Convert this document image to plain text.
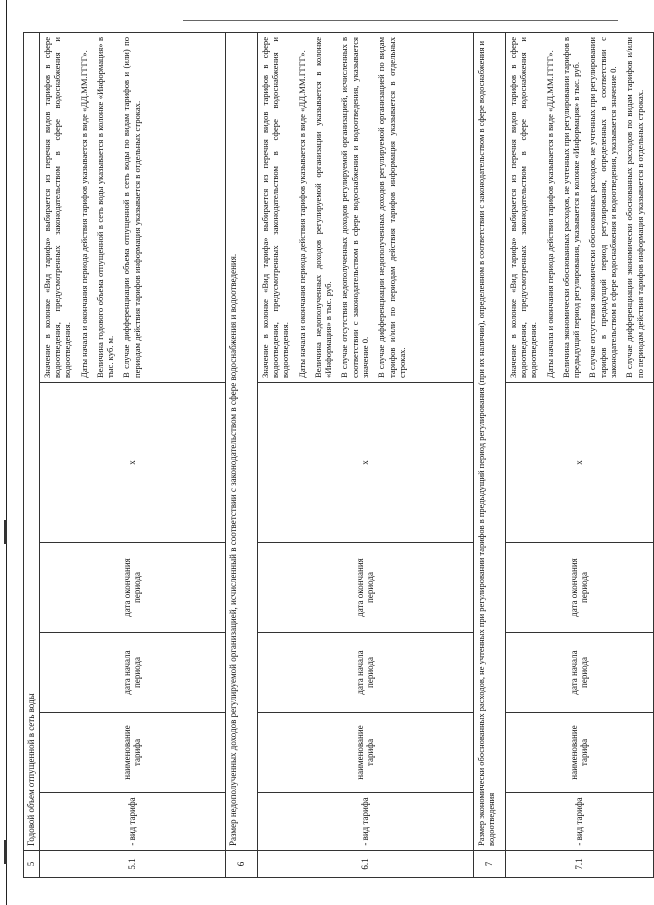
5	Годовой объем отпущенной в сеть воды					
5.1	- вид тарифа	наименование тарифа	дата начала периода	дата окончания периода	x	Значение в колонке «Вид тарифа» выбирается из перечня видов тарифов в сфере водоотведения, предусмотренных законодательством в сфере водоснабжения и водоотведения. Даты начала и окончания периода действия тарифов указывается в виде «ДД.ММ.ГГГГ». Величина годового объема отпущенной в сеть воды указывается в колонке «Информация» в тыс. куб. м. В случае дифференциации объема отпущенной в сеть воды по видам тарифов и (или) по периодам действия тарифов информация указывается в отдельных строках.

6	Размер недополученных доходов регулируемой организацией, исчисленный в соответствии с законодательством в сфере водоснабжения и водоотведения.					
6.1	- вид тарифа	наименование тарифа	дата начала периода	дата окончания периода	x	Значение в колонке «Вид тарифа» выбирается из перечня видов тарифов в сфере водоотведения, предусмотренных законодательством в сфере водоснабжения и водоотведения. Даты начала и окончания периода действия тарифов указывается в виде «ДД.ММ.ГГГГ». Величина недополученных доходов регулируемой организации указывается в колонке «Информация» в тыс. руб. В случае отсутствия недополученных доходов регулируемой организацией, исчисленных в соответствии с законодательством в сфере водоснабжения и водоотведения, указывается значение 0. В случае дифференциации недополученных доходов регулируемой организацией по видам тарифов и/или по периодам действия тарифов информация указывается в отдельных строках.

7	Размер экономически обоснованных расходов, не учтенных при регулировании тарифов в предыдущий период регулирования (при их наличии), определенном в соответствии с законодательством в сфере водоснабжения и водоотведения					
7.1	- вид тарифа	наименование тарифа	дата начала периода	дата окончания периода	x	Значение в колонке «Вид тарифа» выбирается из перечня видов тарифов в сфере водоотведения, предусмотренных законодательством в сфере водоснабжения и водоотведения. Даты начала и окончания периода действия тарифов указывается в виде «ДД.ММ.ГГГГ». Величина экономически обоснованных расходов, не учтенных при регулировании тарифов в предыдущий период регулирования, указывается в колонке «Информация» в тыс. руб. В случае отсутствия экономически обоснованных расходов, не учтенных при регулировании тарифов в предыдущий период регулирования, определенных в соответствии с законодательством в сфере водоснабжения и водоотведения, указывается значение 0. В случае дифференциации экономически обоснованных расходов по видам тарифов и/или по периодам действия тарифов информация указывается в отдельных строках.
